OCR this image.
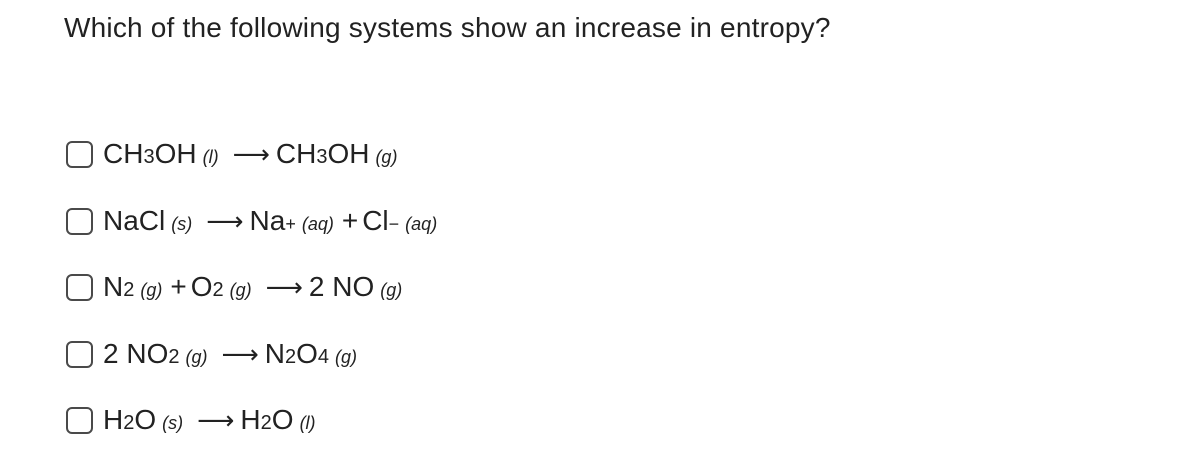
Which of the following systems show an increase in entropy?
CH 3 OH (l) ⟶ CH 3 OH (g)
NaCl (s) ⟶ Na + (aq) + Cl − (aq)
N 2 (g) + O 2 (g) ⟶ 2 NO (g)
2 NO 2 (g) ⟶ N 2 O 4 (g)
H 2 O (s) ⟶ H 2 O (l)
